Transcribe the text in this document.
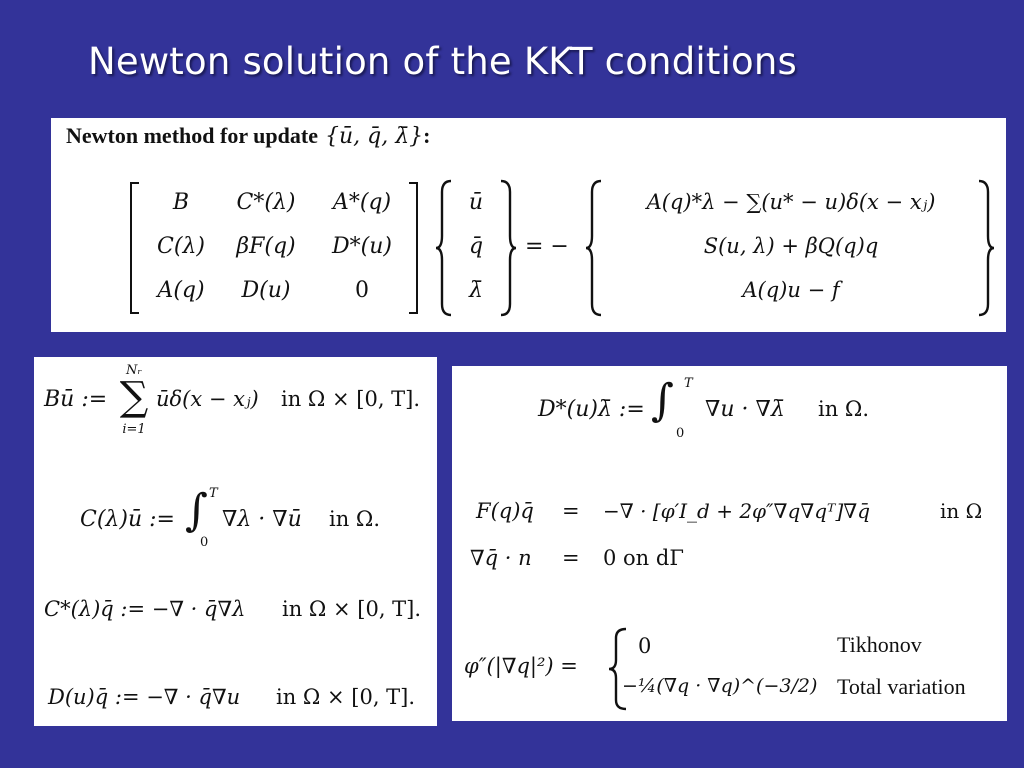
Newton solution of the KKT conditions
Newton method for update {ū, q̄, λ̄}:
B C*(λ) A*(q)
C(λ) βF(q) D*(u)
A(q) D(u)	0
ū
q̄
λ̄
= −
A(q)*λ − ∑(u* − u)δ(x − xⱼ)
S(u, λ) + βQ(q)q
A(q)u − f
Bū :=
Nᵣ
∑
i=1
ūδ(x − xⱼ) in Ω × [0, T].
C(λ)ū := ∫ T
0
∇λ · ∇ū in Ω.
C*(λ)q̄ := −∇ · q̄∇λ in Ω × [0, T].
D(u)q̄ := −∇ · q̄∇u in Ω × [0, T].
D*(u)λ̄ := ∫ T
0
∇u · ∇λ̄ in Ω.
F(q)q̄ = −∇ · [φ′I_d + 2φ″∇q∇qᵀ]∇q̄	in Ω
∇q̄ · n = 0 on dΓ
φ″(|∇q|²) =
0	Tikhonov
−¼(∇q · ∇q)^(−3/2) Total variation
